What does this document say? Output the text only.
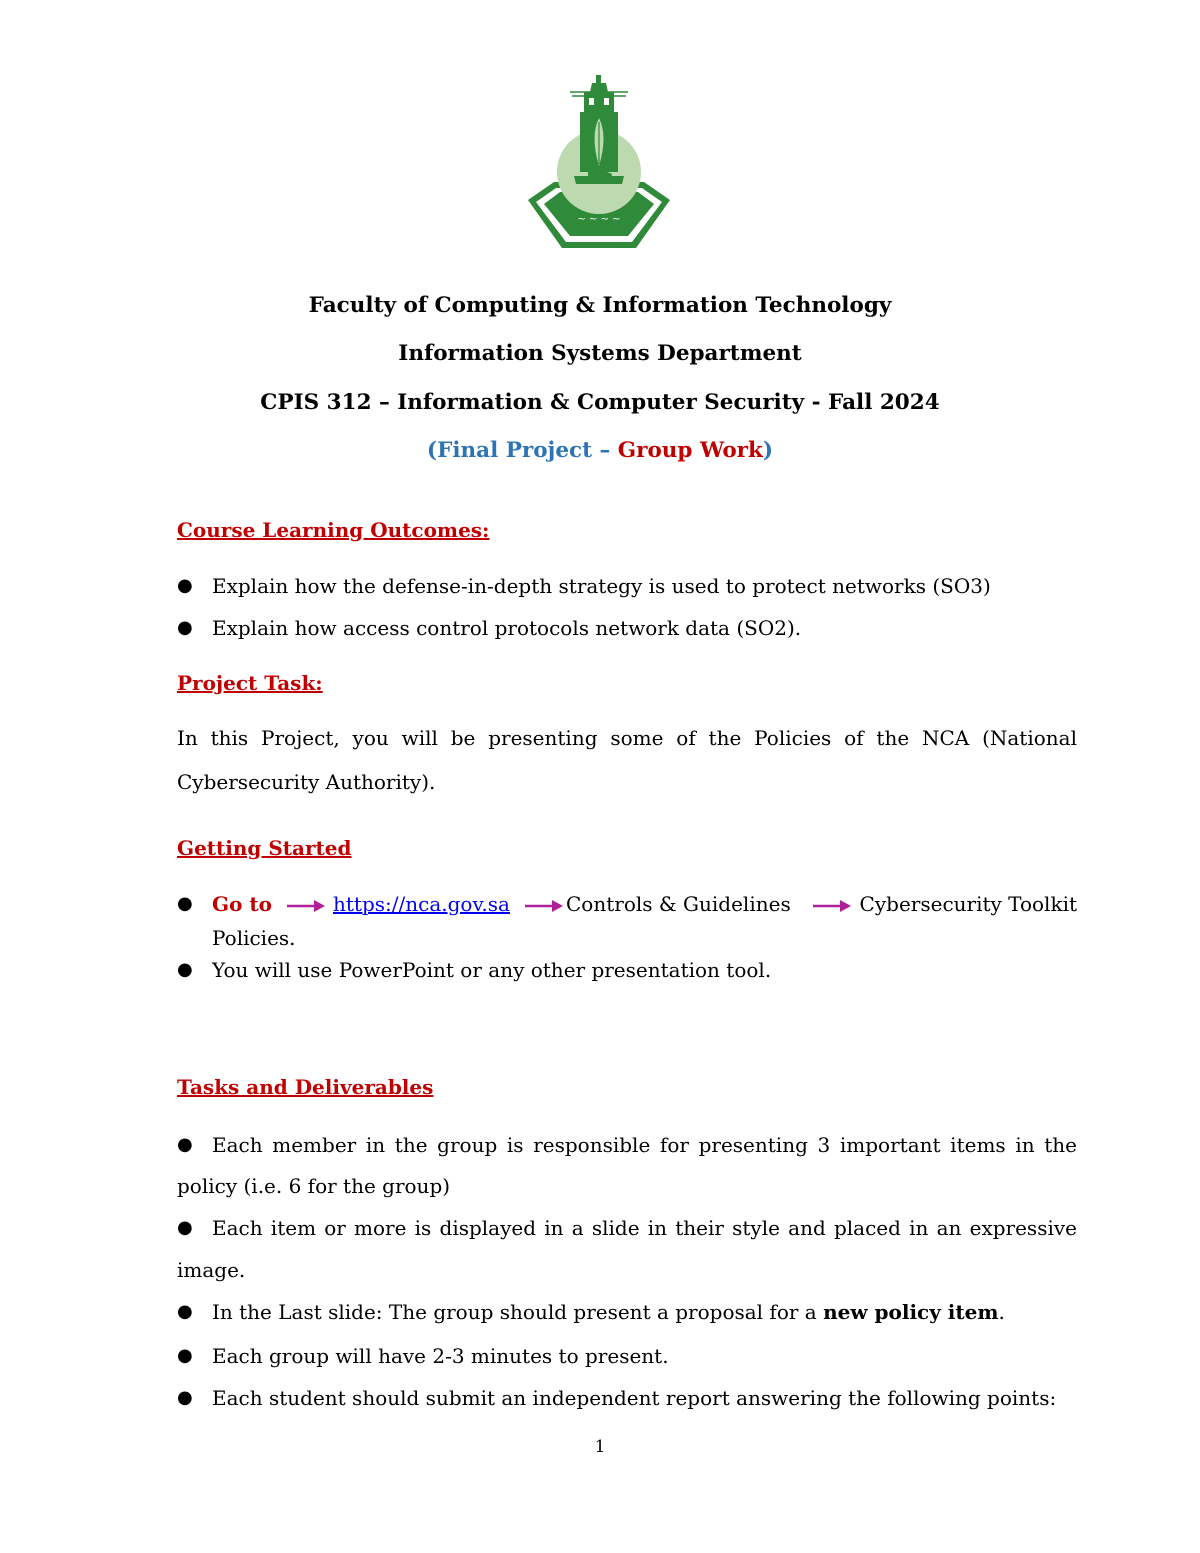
~ ~ ~ ~
Faculty of Computing & Information Technology
Information Systems Department
CPIS 312 – Information & Computer Security - Fall 2024
(Final Project – Group Work)
Course Learning Outcomes:
● Explain how the defense-in-depth strategy is used to protect networks (SO3)
● Explain how access control protocols network data (SO2).
Project Task:
In this Project, you will be presenting some of the Policies of the NCA (National
Cybersecurity Authority).
Getting Started
● Go to	https://nca.gov.sa	Controls & Guidelines	Cybersecurity Toolkit
Policies.
● You will use PowerPoint or any other presentation tool.
Tasks and Deliverables
● Each member in the group is responsible for presenting 3 important items in the
policy (i.e. 6 for the group)
● Each item or more is displayed in a slide in their style and placed in an expressive
image.
● In the Last slide: The group should present a proposal for a new policy item.
● Each group will have 2-3 minutes to present.
● Each student should submit an independent report answering the following points:
1
